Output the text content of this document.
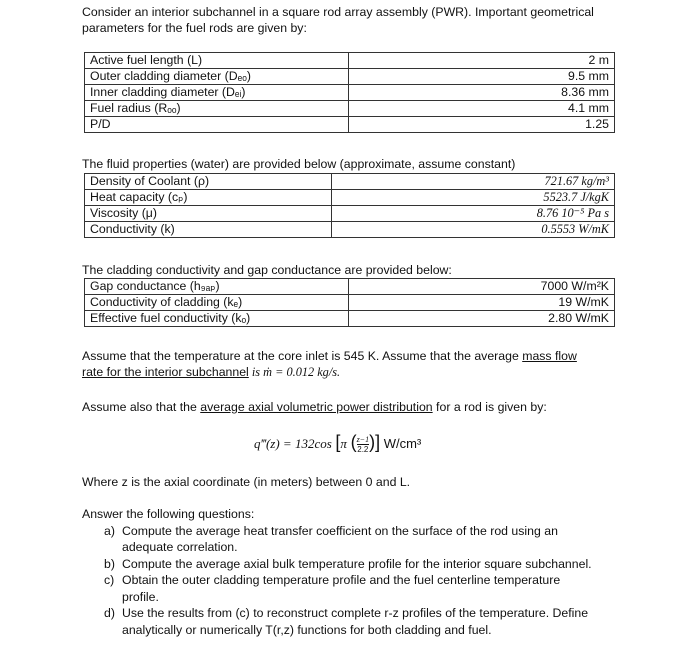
Consider an interior subchannel in a square rod array assembly (PWR). Important geometrical
parameters for the fuel rods are given by:
Active fuel length (L)	2 m
Outer cladding diameter (Dₑₒ)	9.5 mm
Inner cladding diameter (Dₑᵢ)	8.36 mm
Fuel radius (Rₒₒ)	4.1 mm
P/D	1.25
The fluid properties (water) are provided below (approximate, assume constant)
Density of Coolant (ρ)	721.67 kg/m³
Heat capacity (cₚ)	5523.7 J/kgK
Viscosity (μ)	8.76 10⁻⁵ Pa s
Conductivity (k)	0.5553 W/mK
The cladding conductivity and gap conductance are provided below:
Gap conductance (h₉ₐₚ)	7000 W/m²K
Conductivity of cladding (kₑ)	19 W/mK
Effective fuel conductivity (kₒ)	2.80 W/mK
Assume that the temperature at the core inlet is 545 K. Assume that the average mass flow
rate for the interior subchannel is ṁ = 0.012 kg/s.
Assume also that the average axial volumetric power distribution for a rod is given by:
q‴(z) = 132cos [π ( $\frac{z-1}{2.2}$ )] W/cm³
Where z is the axial coordinate (in meters) between 0 and L.
Answer the following questions:
a) Compute the average heat transfer coefficient on the surface of the rod using an
adequate correlation.
b) Compute the average axial bulk temperature profile for the interior square subchannel.
c) Obtain the outer cladding temperature profile and the fuel centerline temperature
profile.
d) Use the results from (c) to reconstruct complete r-z profiles of the temperature. Define
analytically or numerically T(r,z) functions for both cladding and fuel.
